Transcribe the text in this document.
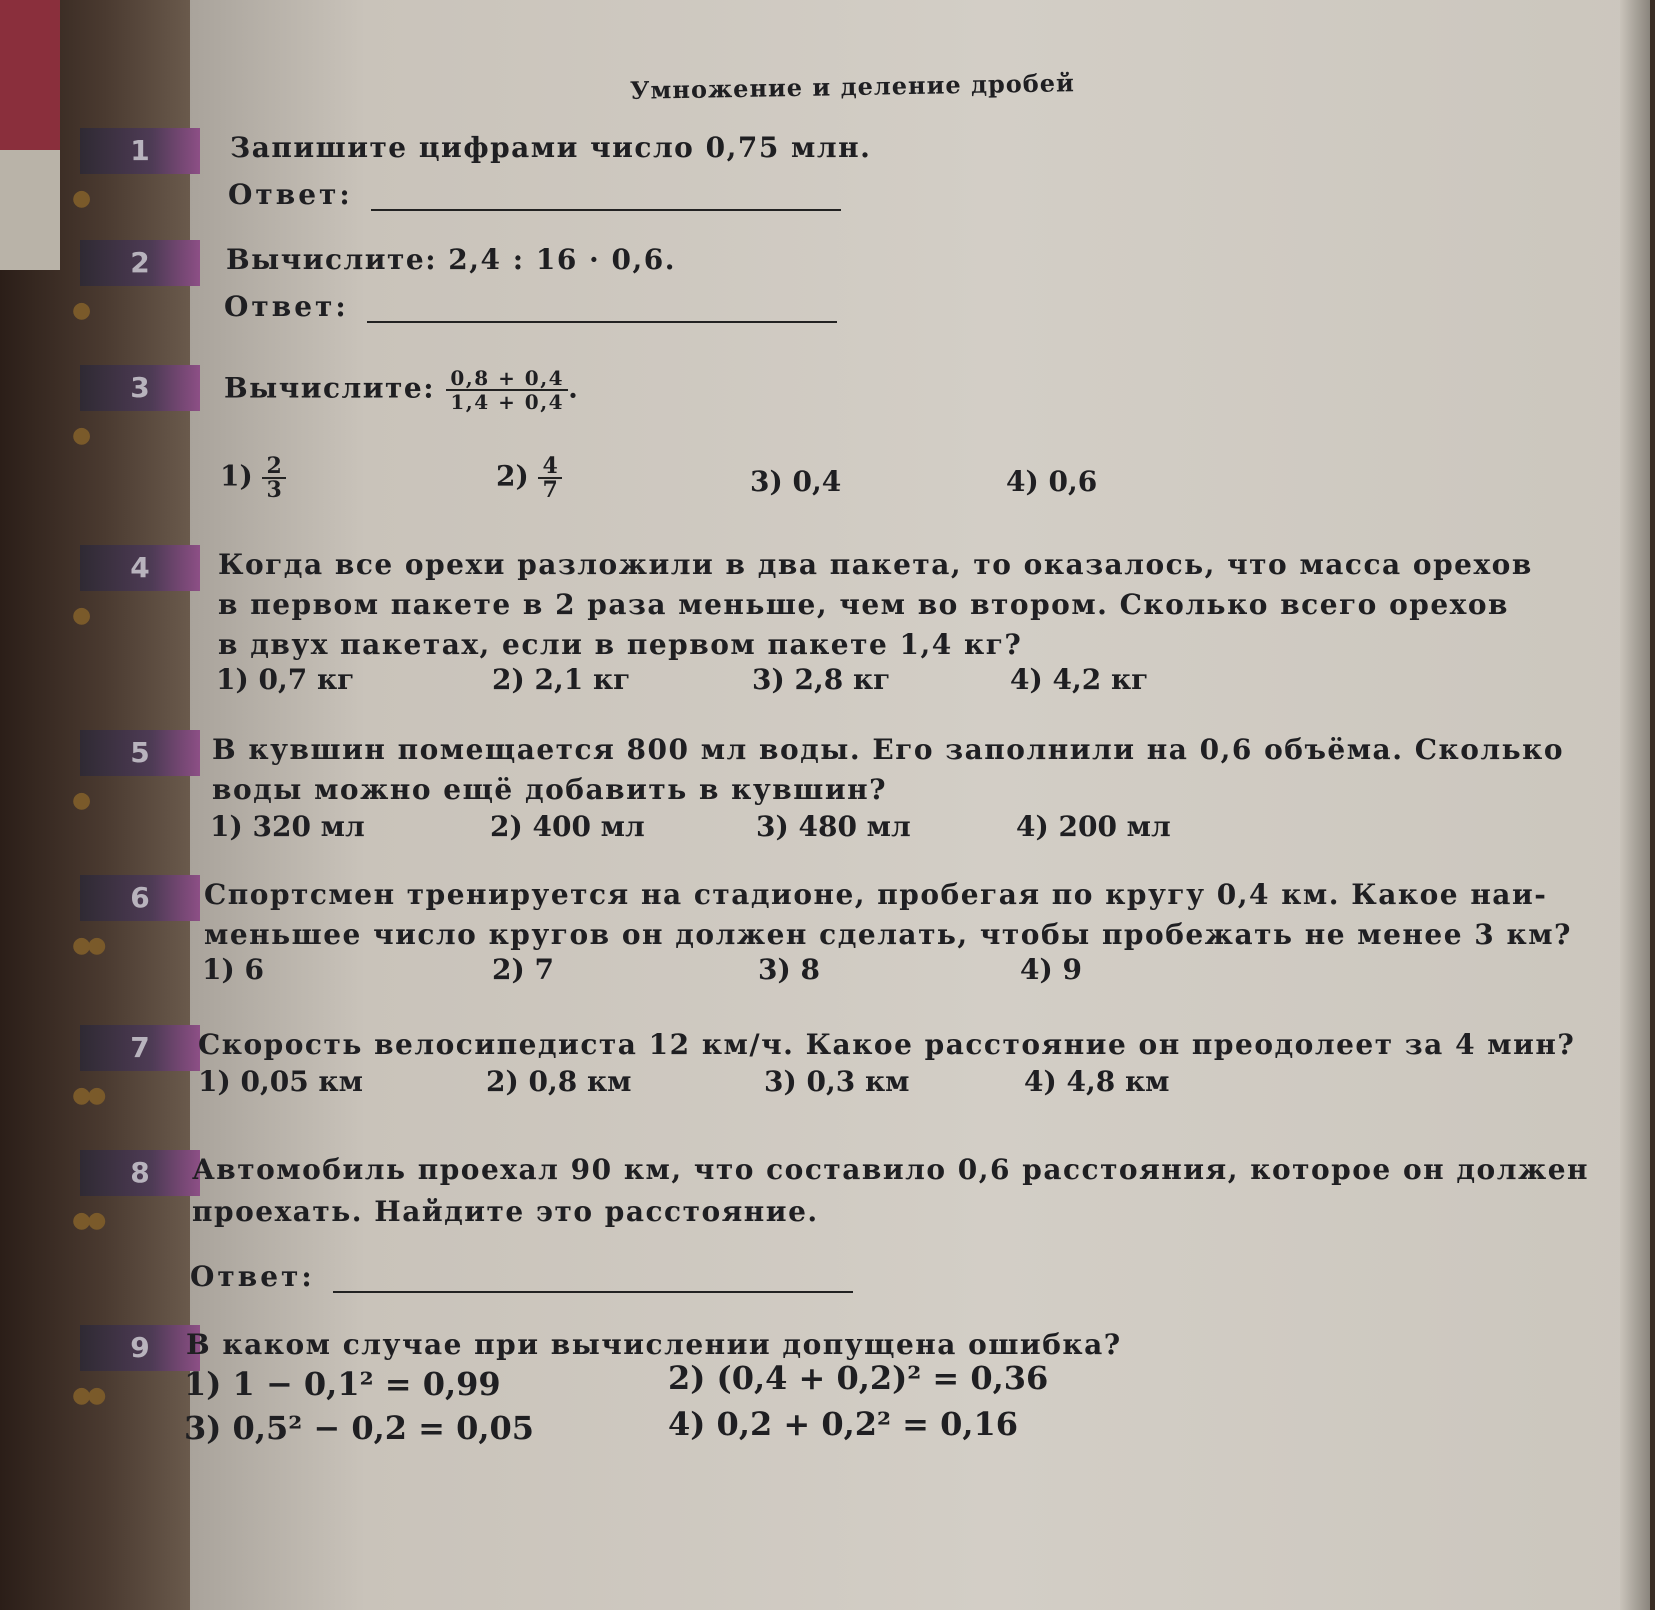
Умножение и деление дробей
1
●
Запишите цифрами число 0,75 млн.
Ответ:
2
●
Вычислите: 2,4 : 16 · 0,6.
Ответ:
3
●
Вычислите: $\frac{0,8 + 0,4}{1,4 + 0,4}$ .
$1) \frac{2}{3}$	$2) \frac{4}{7}$	3) 0,4	4) 0,6
4
●
Когда все орехи разложили в два пакета, то оказалось, что масса орехов
в первом пакете в 2 раза меньше, чем во втором. Сколько всего орехов
в двух пакетах, если в первом пакете 1,4 кг?
1) 0,7 кг	2) 2,1 кг	3) 2,8 кг	4) 4,2 кг
5
●
В кувшин помещается 800 мл воды. Его заполнили на 0,6 объёма. Сколько
воды можно ещё добавить в кувшин?
1) 320 мл	2) 400 мл	3) 480 мл	4) 200 мл
6
●●
Спортсмен тренируется на стадионе, пробегая по кругу 0,4 км. Какое наи-
меньшее число кругов он должен сделать, чтобы пробежать не менее 3 км?
1) 6	2) 7	3) 8	4) 9
7
●●
Скорость велосипедиста 12 км/ч. Какое расстояние он преодолеет за 4 мин?
1) 0,05 км	2) 0,8 км	3) 0,3 км	4) 4,8 км
8
●●
Автомобиль проехал 90 км, что составило 0,6 расстояния, которое он должен
проехать. Найдите это расстояние.
Ответ:
9
●●
В каком случае при вычислении допущена ошибка?
1) 1 − 0,1² = 0,99	2) (0,4 + 0,2)² = 0,36
3) 0,5² − 0,2 = 0,05	4) 0,2 + 0,2² = 0,16
